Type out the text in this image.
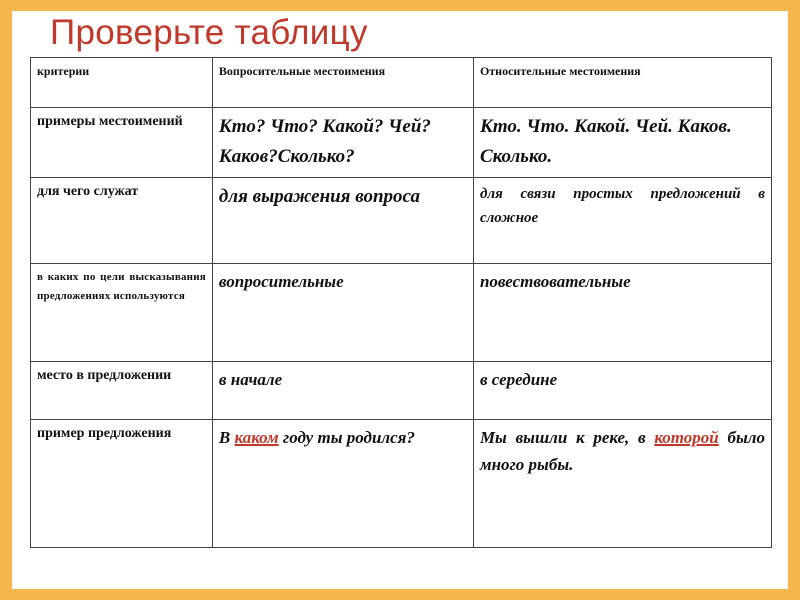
Проверьте таблицу
критерии	Вопросительные местоимения	Относительные местоимения
примеры местоимений	Кто? Что? Какой? Чей?Каков?Сколько?	Кто. Что. Какой. Чей. Каков. Сколько.
для чего служат	для выражения вопроса	для связи простых предложений в сложное
в каких по цели высказывания предложениях используются	вопросительные	повествовательные
место в предложении	в начале	в середине
пример предложения	В каком году ты родился?	Мы вышли к реке, в которой было много рыбы.
